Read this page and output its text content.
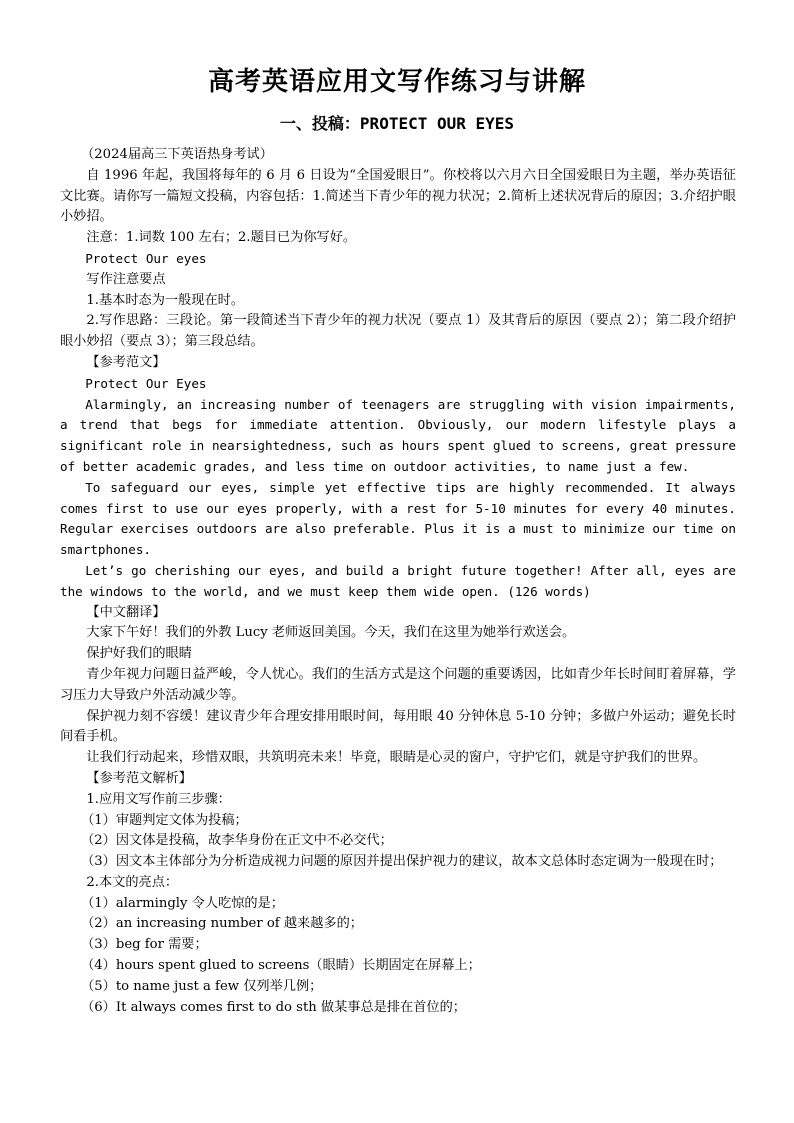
高考英语应用文写作练习与讲解
一、投稿：PROTECT OUR EYES

（2024届高三下英语热身考试）

自 1996 年起，我国将每年的 6 月 6 日设为“全国爱眼日”。你校将以六月六日全国爱眼日为主题，举办英语征文比赛。请你写一篇短文投稿，内容包括：1.简述当下青少年的视力状况；2.简析上述状况背后的原因；3.介绍护眼小妙招。

注意：1.词数 100 左右；2.题目已为你写好。

Protect Our eyes

写作注意要点

1.基本时态为一般现在时。

2.写作思路：三段论。第一段简述当下青少年的视力状况（要点 1）及其背后的原因（要点 2）；第二段介绍护眼小妙招（要点 3）；第三段总结。

【参考范文】

Protect Our Eyes

Alarmingly, an increasing number of teenagers are struggling with vision impairments, a trend that begs for immediate attention. Obviously, our modern lifestyle plays a significant role in nearsightedness, such as hours spent glued to screens, great pressure of better academic grades, and less time on outdoor activities, to name just a few.

To safeguard our eyes, simple yet effective tips are highly recommended. It always comes first to use our eyes properly, with a rest for 5-10 minutes for every 40 minutes. Regular exercises outdoors are also preferable. Plus it is a must to minimize our time on smartphones.

Let’s go cherishing our eyes, and build a bright future together! After all, eyes are the windows to the world, and we must keep them wide open. (126 words)

【中文翻译】

大家下午好！我们的外教 Lucy 老师返回美国。今天，我们在这里为她举行欢送会。

保护好我们的眼睛

青少年视力问题日益严峻，令人忧心。我们的生活方式是这个问题的重要诱因，比如青少年长时间盯着屏幕，学习压力大导致户外活动减少等。

保护视力刻不容缓！建议青少年合理安排用眼时间，每用眼 40 分钟休息 5-10 分钟；多做户外运动；避免长时间看手机。

让我们行动起来，珍惜双眼，共筑明亮未来！毕竟，眼睛是心灵的窗户，守护它们，就是守护我们的世界。

【参考范文解析】

1.应用文写作前三步骤：

（1）审题判定文体为投稿；

（2）因文体是投稿，故李华身份在正文中不必交代；

（3）因文本主体部分为分析造成视力问题的原因并提出保护视力的建议，故本文总体时态定调为一般现在时；

2.本文的亮点：

（1）alarmingly 令人吃惊的是；

（2）an increasing number of 越来越多的；

（3）beg for 需要；

（4）hours spent glued to screens（眼睛）长期固定在屏幕上；

（5）to name just a few 仅列举几例；

（6）It always comes first to do sth 做某事总是排在首位的；
